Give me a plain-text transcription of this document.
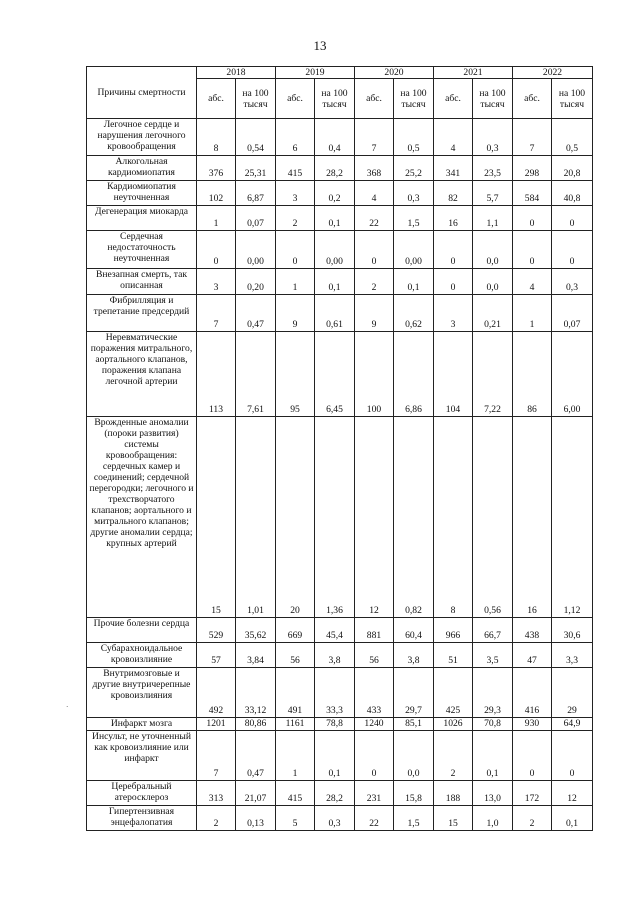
13
·
Причины смертности	2018		2019		2020		2021		2022	
	абс.	на 100 тысяч	абс.	на 100 тысяч	абс.	на 100 тысяч	абс.	на 100 тысяч	абс.	на 100 тысяч
Легочное сердце и нарушения легочного кровообращения	8	0,54	6	0,4	7	0,5	4	0,3	7	0,5
Алкогольная кардиомиопатия	376	25,31	415	28,2	368	25,2	341	23,5	298	20,8
Кардиомиопатия неуточненная	102	6,87	3	0,2	4	0,3	82	5,7	584	40,8
Дегенерация миокарда	1	0,07	2	0,1	22	1,5	16	1,1	0	0
Сердечная недостаточность неуточненная	0	0,00	0	0,00	0	0,00	0	0,0	0	0
Внезапная смерть, так описанная	3	0,20	1	0,1	2	0,1	0	0,0	4	0,3
Фибрилляция и трепетание предсердий	7	0,47	9	0,61	9	0,62	3	0,21	1	0,07
Неревматические поражения митрального, аортального клапанов, поражения клапана легочной артерии	113	7,61	95	6,45	100	6,86	104	7,22	86	6,00
Врожденные аномалии (пороки развития) системы кровообращения: сердечных камер и соединений; сердечной перегородки; легочного и трехстворчатого клапанов; аортального и митрального клапанов; другие аномалии сердца; крупных артерий	15	1,01	20	1,36	12	0,82	8	0,56	16	1,12
Прочие болезни сердца	529	35,62	669	45,4	881	60,4	966	66,7	438	30,6
Субарахноидальное кровоизлияние	57	3,84	56	3,8	56	3,8	51	3,5	47	3,3
Внутримозговые и другие внутричерепные кровоизлияния	492	33,12	491	33,3	433	29,7	425	29,3	416	29
Инфаркт мозга	1201	80,86	1161	78,8	1240	85,1	1026	70,8	930	64,9
Инсульт, не уточненный как кровоизлияние или инфаркт	7	0,47	1	0,1	0	0,0	2	0,1	0	0
Церебральный атеросклероз	313	21,07	415	28,2	231	15,8	188	13,0	172	12
Гипертензивная энцефалопатия	2	0,13	5	0,3	22	1,5	15	1,0	2	0,1
